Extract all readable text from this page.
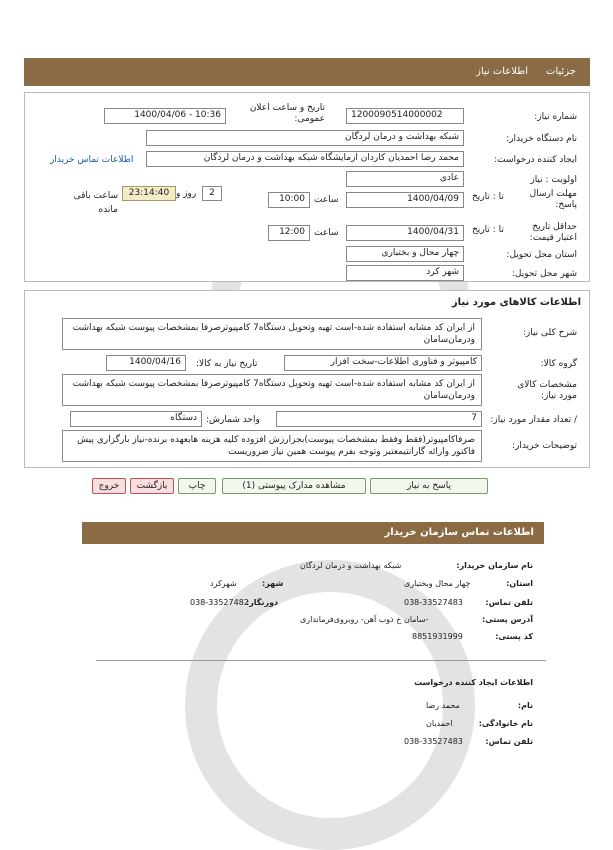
جزئیات
اطلاعات نیاز
شماره نیاز:
1200090514000002
تاریخ و ساعت اعلان عمومی:
1400/04/06 - 10:36
نام دستگاه خریدار:
شبکه بهداشت و درمان لردگان
ایجاد کننده درخواست:
محمد رضا احمدیان کاردان ازمایشگاه شبکه بهداشت و درمان لردگان
اطلاعات تماس خریدار
اولویت : نیاز
عادی
مهلت ارسال پاسخ:
تا : تاریخ
1400/04/09
ساعت
10:00
2
روز و
23:14:40
ساعت باقی مانده
حداقل تاریخ اعتبار قیمت:
تا : تاریخ
1400/04/31
ساعت
12:00
استان محل تحویل:
چهار محال و بختیاری
شهر محل تحویل:
شهر کرد
اطلاعات کالاهای مورد نیاز
شرح کلی نیاز:
از ایران کد مشابه استفاده شده-است تهیه وتحویل دستگاه7 کامپیوترصرفا بمشخصات پیوست شبکه بهداشت ودرمان‌سامان
گروه کالا:
کامپیوتر و فناوری اطلاعات-سخت افزار
تاریخ نیاز به کالا:
1400/04/16
مشخصات کالای مورد نیاز:
از ایران کد مشابه استفاده شده-است تهیه وتحویل دستگاه7 کامپیوترصرفا بمشخصات پیوست شبکه بهداشت ودرمان‌سامان
/ تعداد مقدار مورد نیاز:
7
واحد شمارش:
دستگاه
توضیحات خریدار:
صرفاکامپیوتر(فقط وفقط بمشخصات پیوست)بجزارزش افزوده کلیه هزینه هابعهده برنده-نیاز بارگزاری پیش فاکتور وارائه گارانتیمعتبر وتوجه بفرم پیوست همین نیاز ضروریست
پاسخ به نیاز
مشاهده مدارک پیوستی (1)
چاپ
بازگشت
خروج
اطلاعات تماس سازمان خریدار
نام سازمان خریدار:
شبکه بهداشت و درمان لردگان
استان:
چهار محال وبختیاری
شهر:
شهرکرد
تلفن تماس:
038-33527483
دورنگار:
038-33527482
آدرس پستی:
-سامان خ ذوب آهن- روبروی‌فرمانداری
کد پستی:
8851931999
اطلاعات ایجاد کننده درخواست
نام:
محمد رضا
نام خانوادگی:
احمدیان
تلفن تماس:
038-33527483
